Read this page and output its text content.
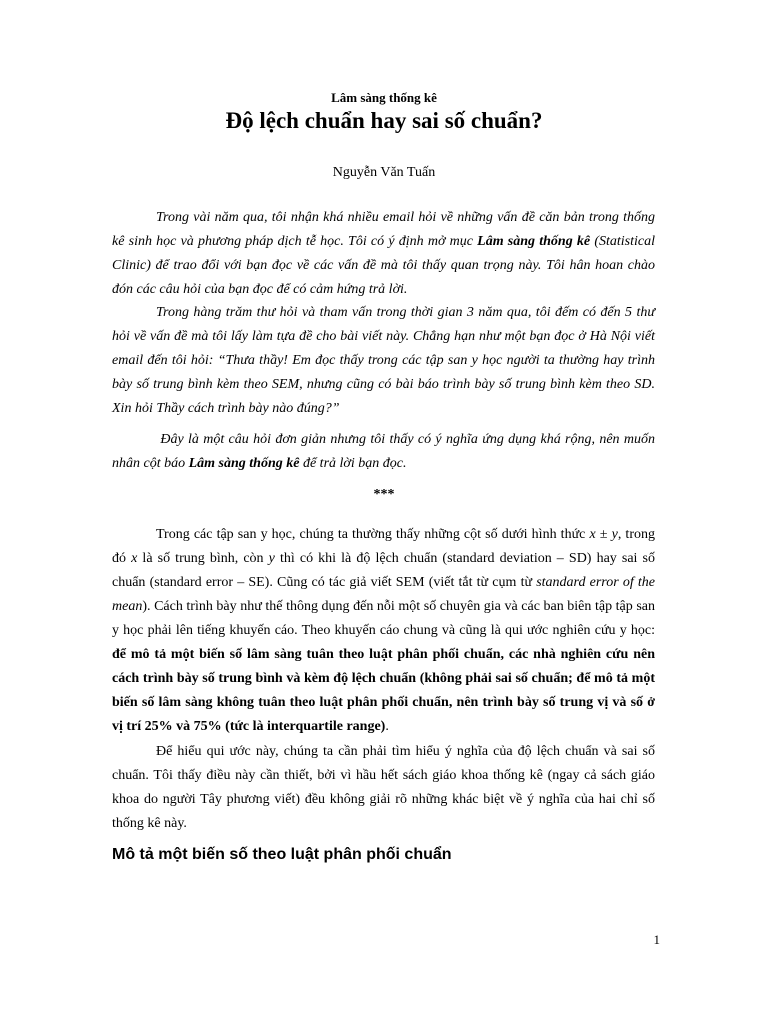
Lâm sàng thống kê
Độ lệch chuẩn hay sai số chuẩn?
Nguyễn Văn Tuấn
Trong vài năm qua, tôi nhận khá nhiều email hỏi về những vấn đề căn bản trong thống kê sinh học và phương pháp dịch tễ học. Tôi có ý định mở mục Lâm sàng thống kê (Statistical Clinic) để trao đổi với bạn đọc về các vấn đề mà tôi thấy quan trọng này. Tôi hân hoan chào đón các câu hỏi của bạn đọc để có cảm hứng trả lời.
Trong hàng trăm thư hỏi và tham vấn trong thời gian 3 năm qua, tôi đếm có đến 5 thư hỏi về vấn đề mà tôi lấy làm tựa đề cho bài viết này. Chẳng hạn như một bạn đọc ở Hà Nội viết email đến tôi hỏi: “Thưa thầy! Em đọc thấy trong các tập san y học người ta thường hay trình bày số trung bình kèm theo SEM, nhưng cũng có bài báo trình bày số trung bình kèm theo SD. Xin hỏi Thầy cách trình bày nào đúng?”
Đây là một câu hỏi đơn giản nhưng tôi thấy có ý nghĩa ứng dụng khá rộng, nên muốn nhân cột báo Lâm sàng thống kê để trả lời bạn đọc.
***
Trong các tập san y học, chúng ta thường thấy những cột số dưới hình thức x ± y, trong đó x là số trung bình, còn y thì có khi là độ lệch chuẩn (standard deviation – SD) hay sai số chuẩn (standard error – SE). Cũng có tác giả viết SEM (viết tắt từ cụm từ standard error of the mean). Cách trình bày như thế thông dụng đến nỗi một số chuyên gia và các ban biên tập tập san y học phải lên tiếng khuyến cáo. Theo khuyến cáo chung và cũng là qui ước nghiên cứu y học: để mô tả một biến số lâm sàng tuân theo luật phân phối chuẩn, các nhà nghiên cứu nên cách trình bày số trung bình và kèm độ lệch chuẩn (không phải sai số chuẩn; để mô tả một biến số lâm sàng không tuân theo luật phân phối chuẩn, nên trình bày số trung vị và số ở vị trí 25% và 75% (tức là interquartile range).
Để hiểu qui ước này, chúng ta cần phải tìm hiểu ý nghĩa của độ lệch chuẩn và sai số chuẩn. Tôi thấy điều này cần thiết, bởi vì hầu hết sách giáo khoa thống kê (ngay cả sách giáo khoa do người Tây phương viết) đều không giải rõ những khác biệt về ý nghĩa của hai chỉ số thống kê này.
Mô tả một biến số theo luật phân phối chuẩn
1
